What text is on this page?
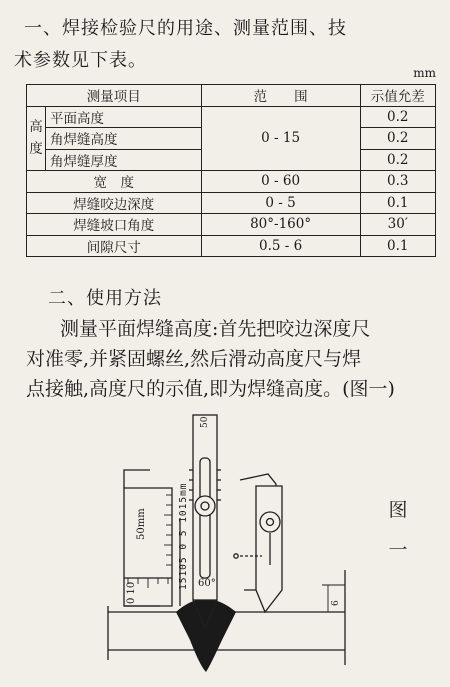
一、焊接检验尺的用途、测量范围、技
术参数见下表。
mm
测量项目		范　　围	示值允差
高
度	平面高度	0 - 15	0.2
	角焊缝高度		0.2
	角焊缝厚度		0.2
宽　度		0 - 60	0.3
焊缝咬边深度		0 - 5	0.1
焊缝坡口角度		80°-160°	30′
间隙尺寸		0.5 - 6	0.1
二、使用方法
测量平面焊缝高度:首先把咬边深度尺
对准零,并紧固螺丝,然后滑动高度尺与焊
点接触,高度尺的示值,即为焊缝高度。(图一)
50
15105 0 5 1015mm
50mm
0 10	60°
6
图
一
